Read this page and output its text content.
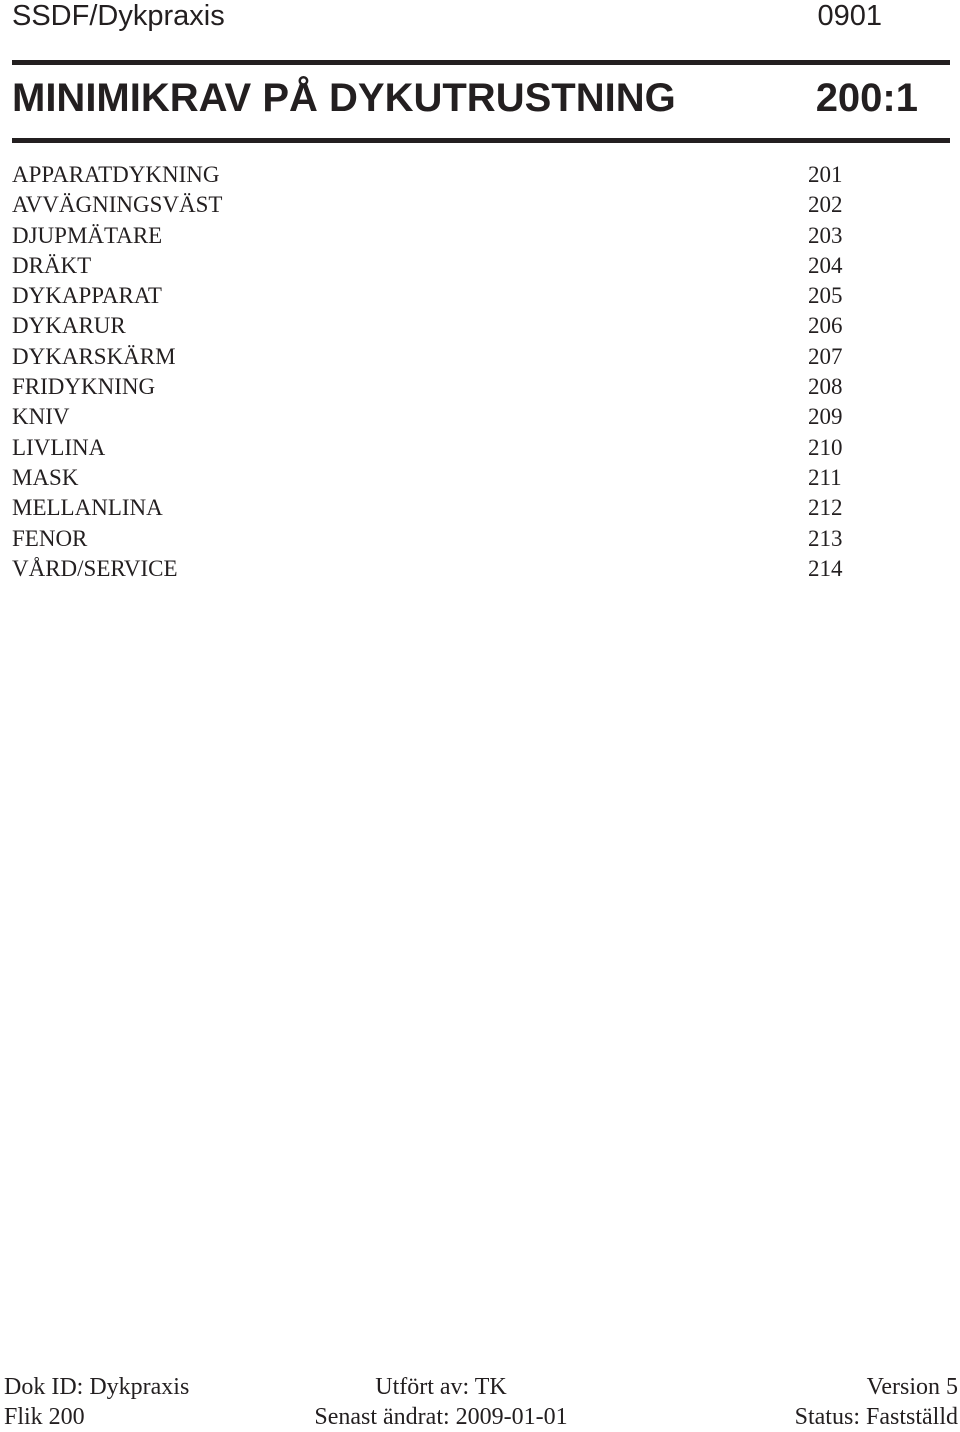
SSDF/Dykpraxis	0901
MINIMIKRAV PÅ DYKUTRUSTNING	200:1
APPARATDYKNING	201
AVVÄGNINGSVÄST	202
DJUPMÄTARE	203
DRÄKT	204
DYKAPPARAT	205
DYKARUR	206
DYKARSKÄRM	207
FRIDYKNING	208
KNIV	209
LIVLINA	210
MASK	211
MELLANLINA	212
FENOR	213
VÅRD/SERVICE	214
Dok ID: Dykpraxis	Utfört av: TK	Version 5
Flik 200	Senast ändrat: 2009-01-01	Status: Fastställd
